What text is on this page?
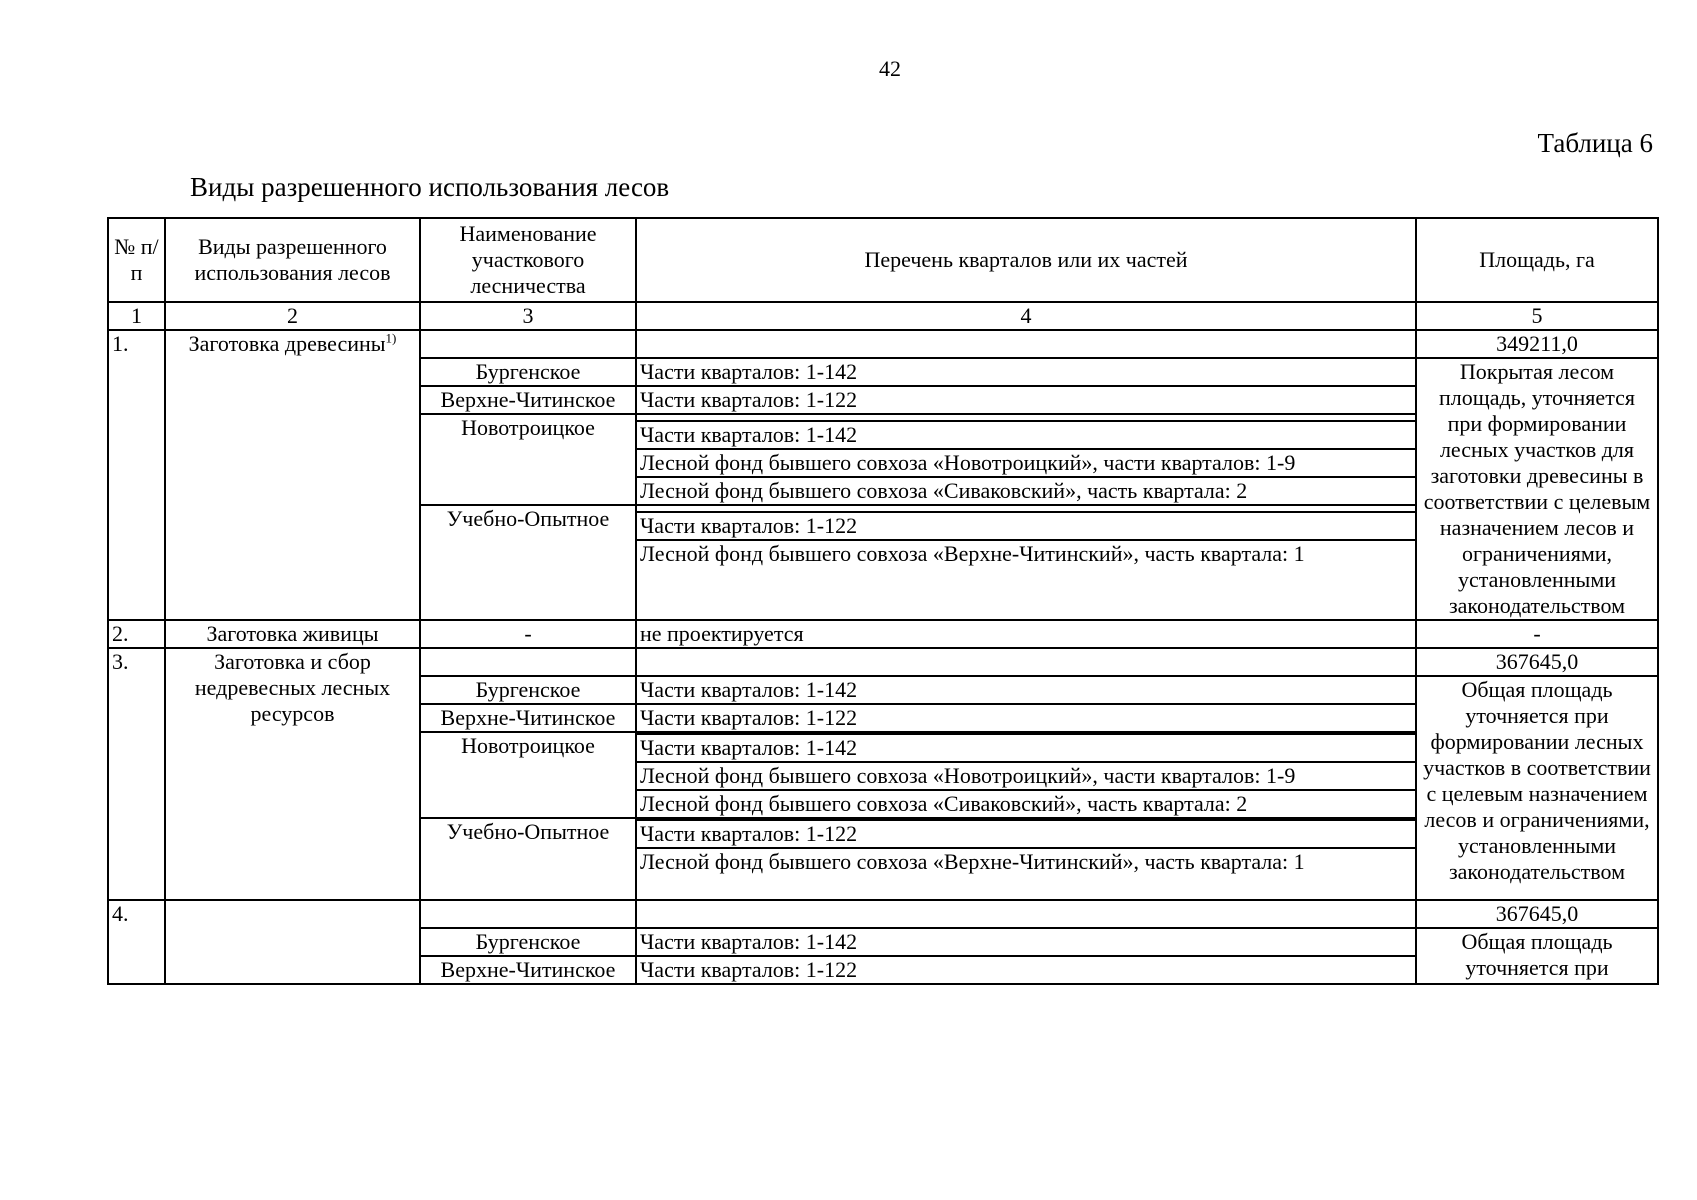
42
Таблица 6
Виды разрешенного использования лесов
№ п/п	Виды разрешенного использования лесов	Наименование участкового лесничества	Перечень кварталов или их частей	Площадь, га
1	2	3	4	5
1.	Заготовка древесины$^{1)}$			349211,0
		Бургенское	Части кварталов: 1-142	Покрытая лесом площадь, уточняется при формировании лесных участков для заготовки древесины в соответствии с целевым назначением лесов и ограничениями, установленными законодательством
		Верхне-Читинское	Части кварталов: 1-122	
		Новотроицкое		
			Части кварталов: 1-142	
			Лесной фонд бывшего совхоза «Новотроицкий», части кварталов: 1-9	
			Лесной фонд бывшего совхоза «Сиваковский», часть квартала: 2	
		Учебно-Опытное		
			Части кварталов: 1-122	
			Лесной фонд бывшего совхоза «Верхне-Читинский», часть квартала: 1	
2.	Заготовка живицы	-	не проектируется	-
3.	Заготовка и сбор недревесных лесных ресурсов			367645,0
		Бургенское	Части кварталов: 1-142	Общая площадь уточняется при формировании лесных участков в соответствии с целевым назначением лесов и ограничениями, установленными законодательством
		Верхне-Читинское	Части кварталов: 1-122	
		Новотроицкое		
			Части кварталов: 1-142	
			Лесной фонд бывшего совхоза «Новотроицкий», части кварталов: 1-9	
			Лесной фонд бывшего совхоза «Сиваковский», часть квартала: 2	
		Учебно-Опытное		
			Части кварталов: 1-122	
			Лесной фонд бывшего совхоза «Верхне-Читинский», часть квартала: 1	
4.				367645,0
		Бургенское	Части кварталов: 1-142	Общая площадь уточняется при
		Верхне-Читинское	Части кварталов: 1-122	
